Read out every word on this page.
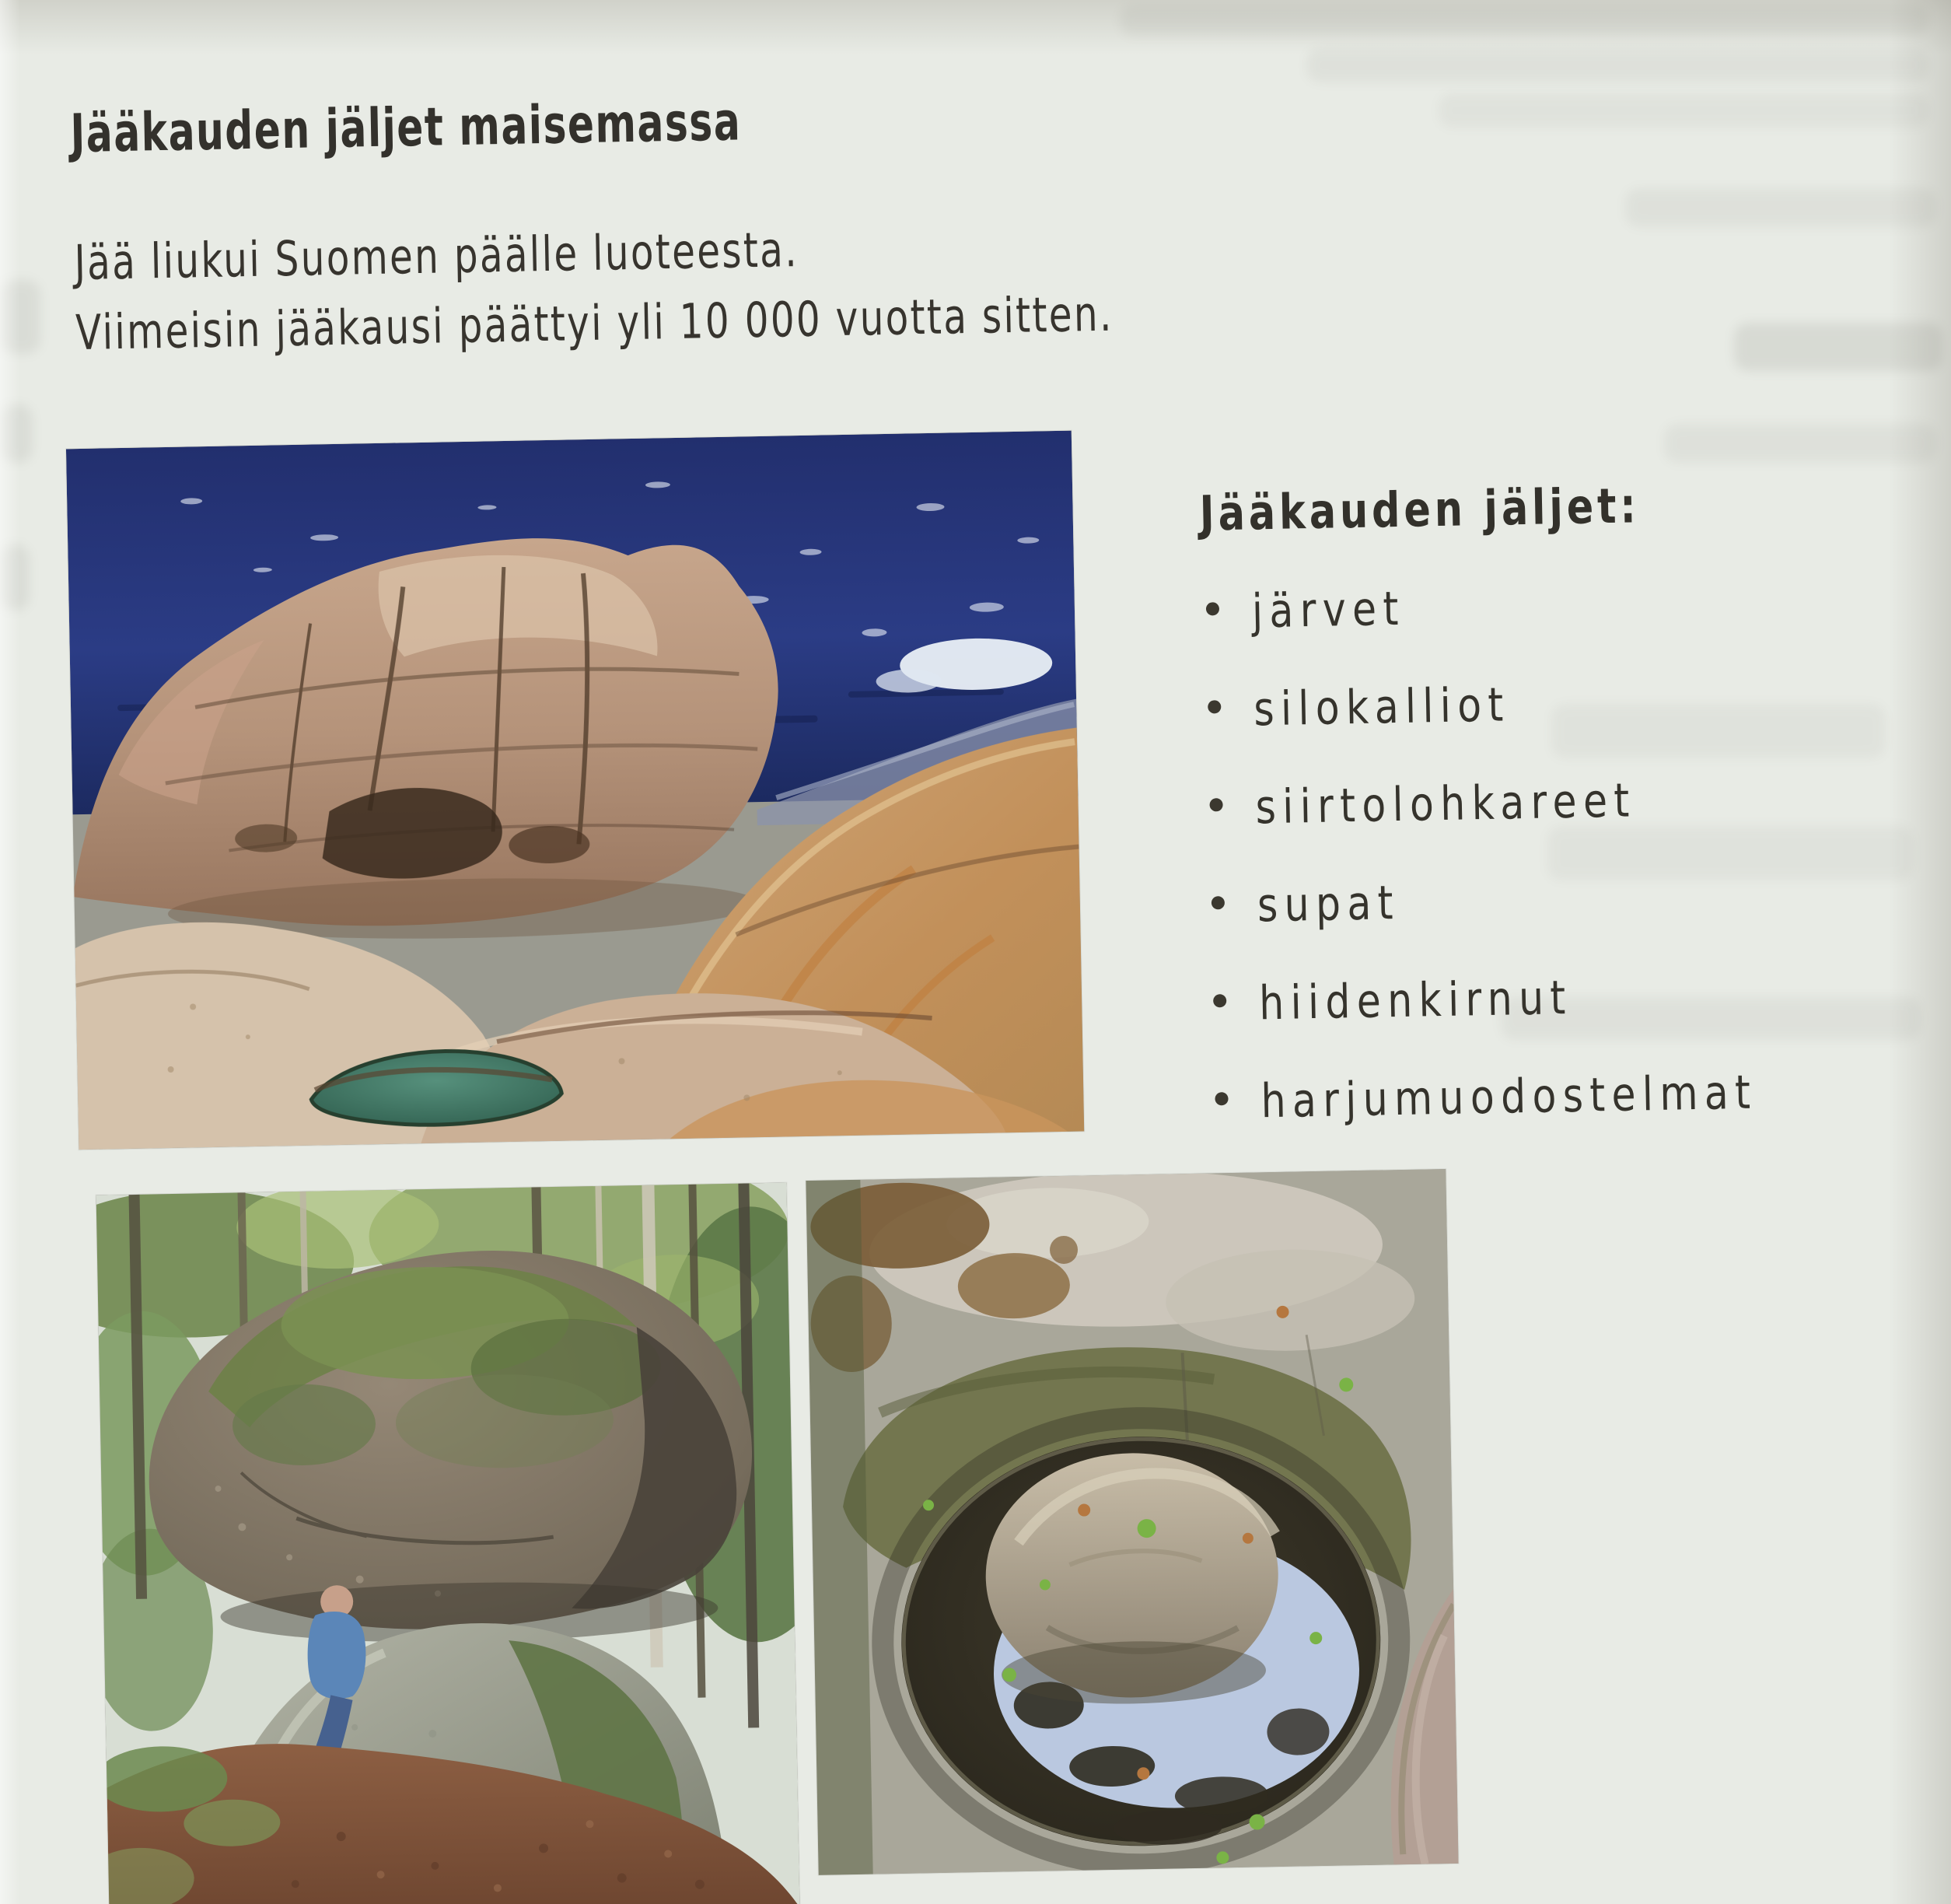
Jääkauden jäljet maisemassa

Jää liukui Suomen päälle luoteesta.

Viimeisin jääkausi päättyi yli 10 000 vuotta sitten.

Jääkauden jäljet:
järvet
silokalliot
siirtolohkareet
supat
hiidenkirnut
harjumuodostelmat
